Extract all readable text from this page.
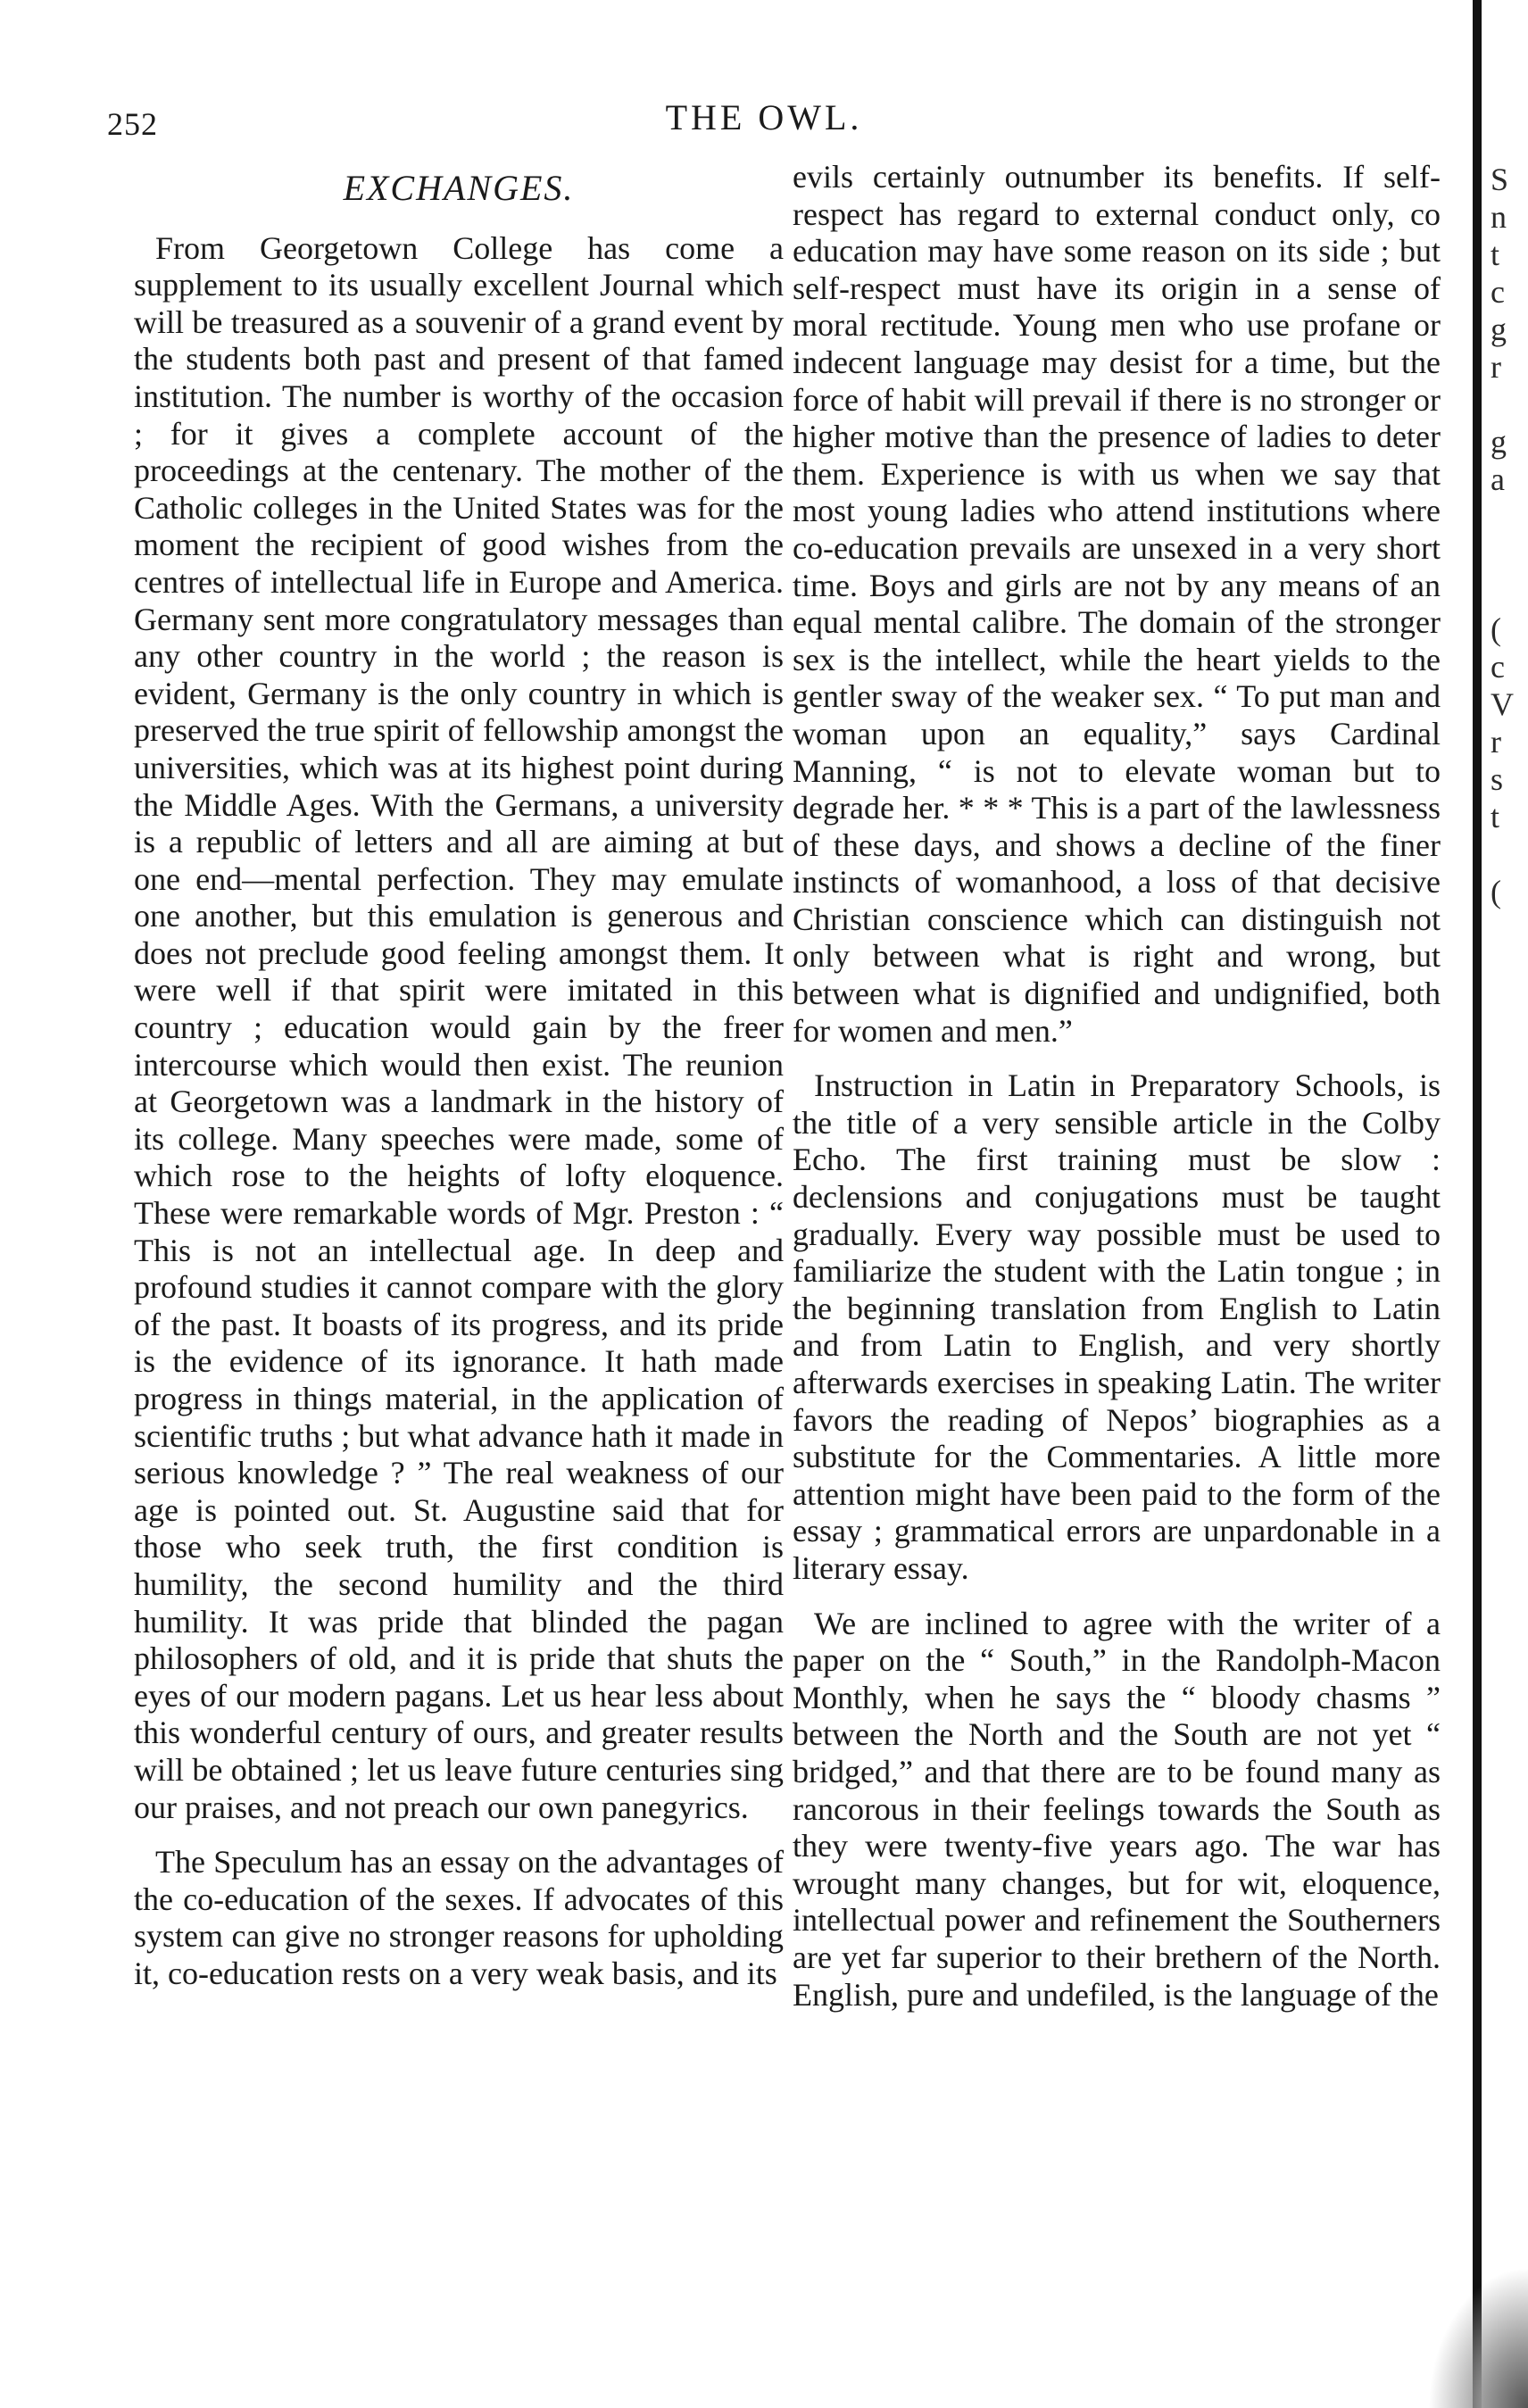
252	THE OWL.
EXCHANGES.

From Georgetown College has come a supplement to its usually excellent Journal which will be treasured as a souvenir of a grand event by the students both past and present of that famed institution. The number is worthy of the occasion ; for it gives a complete account of the proceedings at the centenary. The mother of the Catholic colleges in the United States was for the moment the recipient of good wishes from the centres of intellectual life in Europe and America. Germany sent more congratulatory messages than any other country in the world ; the reason is evident, Germany is the only country in which is preserved the true spirit of fellowship amongst the universities, which was at its highest point during the Middle Ages. With the Germans, a university is a republic of letters and all are aiming at but one end—mental perfection. They may emulate one another, but this emulation is generous and does not preclude good feeling amongst them. It were well if that spirit were imitated in this country ; education would gain by the freer intercourse which would then exist. The reunion at Georgetown was a landmark in the history of its college. Many speeches were made, some of which rose to the heights of lofty eloquence. These were remarkable words of Mgr. Preston : “ This is not an intellectual age. In deep and profound studies it cannot compare with the glory of the past. It boasts of its progress, and its pride is the evidence of its ignorance. It hath made progress in things material, in the application of scientific truths ; but what advance hath it made in serious knowledge ? ” The real weakness of our age is pointed out. St. Augustine said that for those who seek truth, the first condition is humility, the second humility and the third humility. It was pride that blinded the pagan philosophers of old, and it is pride that shuts the eyes of our modern pagans. Let us hear less about this wonderful century of ours, and greater results will be obtained ; let us leave future centuries sing our praises, and not preach our own panegyrics.

The Speculum has an essay on the advantages of the co-education of the sexes. If advocates of this system can give no stronger reasons for upholding it, co-education rests on a very weak basis, and its

evils certainly outnumber its benefits. If self-respect has regard to external conduct only, co education may have some reason on its side ; but self-respect must have its origin in a sense of moral rectitude. Young men who use profane or indecent language may desist for a time, but the force of habit will prevail if there is no stronger or higher motive than the presence of ladies to deter them. Experience is with us when we say that most young ladies who attend institutions where co-education prevails are unsexed in a very short time. Boys and girls are not by any means of an equal mental calibre. The domain of the stronger sex is the intellect, while the heart yields to the gentler sway of the weaker sex. “ To put man and woman upon an equality,” says Cardinal Manning, “ is not to elevate woman but to degrade her. * * * This is a part of the lawlessness of these days, and shows a decline of the finer instincts of womanhood, a loss of that decisive Christian conscience which can distinguish not only between what is right and wrong, but between what is dignified and undignified, both for women and men.”

Instruction in Latin in Preparatory Schools, is the title of a very sensible article in the Colby Echo. The first training must be slow : declensions and conjugations must be taught gradually. Every way possible must be used to familiarize the student with the Latin tongue ; in the beginning translation from English to Latin and from Latin to English, and very shortly afterwards exercises in speaking Latin. The writer favors the reading of Nepos’ biographies as a substitute for the Commentaries. A little more attention might have been paid to the form of the essay ; grammatical errors are unpardonable in a literary essay.

We are inclined to agree with the writer of a paper on the “ South,” in the Randolph-Macon Monthly, when he says the “ bloody chasms ” between the North and the South are not yet “ bridged,” and that there are to be found many as rancorous in their feelings towards the South as they were twenty-five years ago. The war has wrought many changes, but for wit, eloquence, intellectual power and refinement the Southerners are yet far superior to their brethern of the North. English, pure and undefiled, is the language of the

S
n
t
c
g
r

g
a

(
c
V
r
s
t

(
